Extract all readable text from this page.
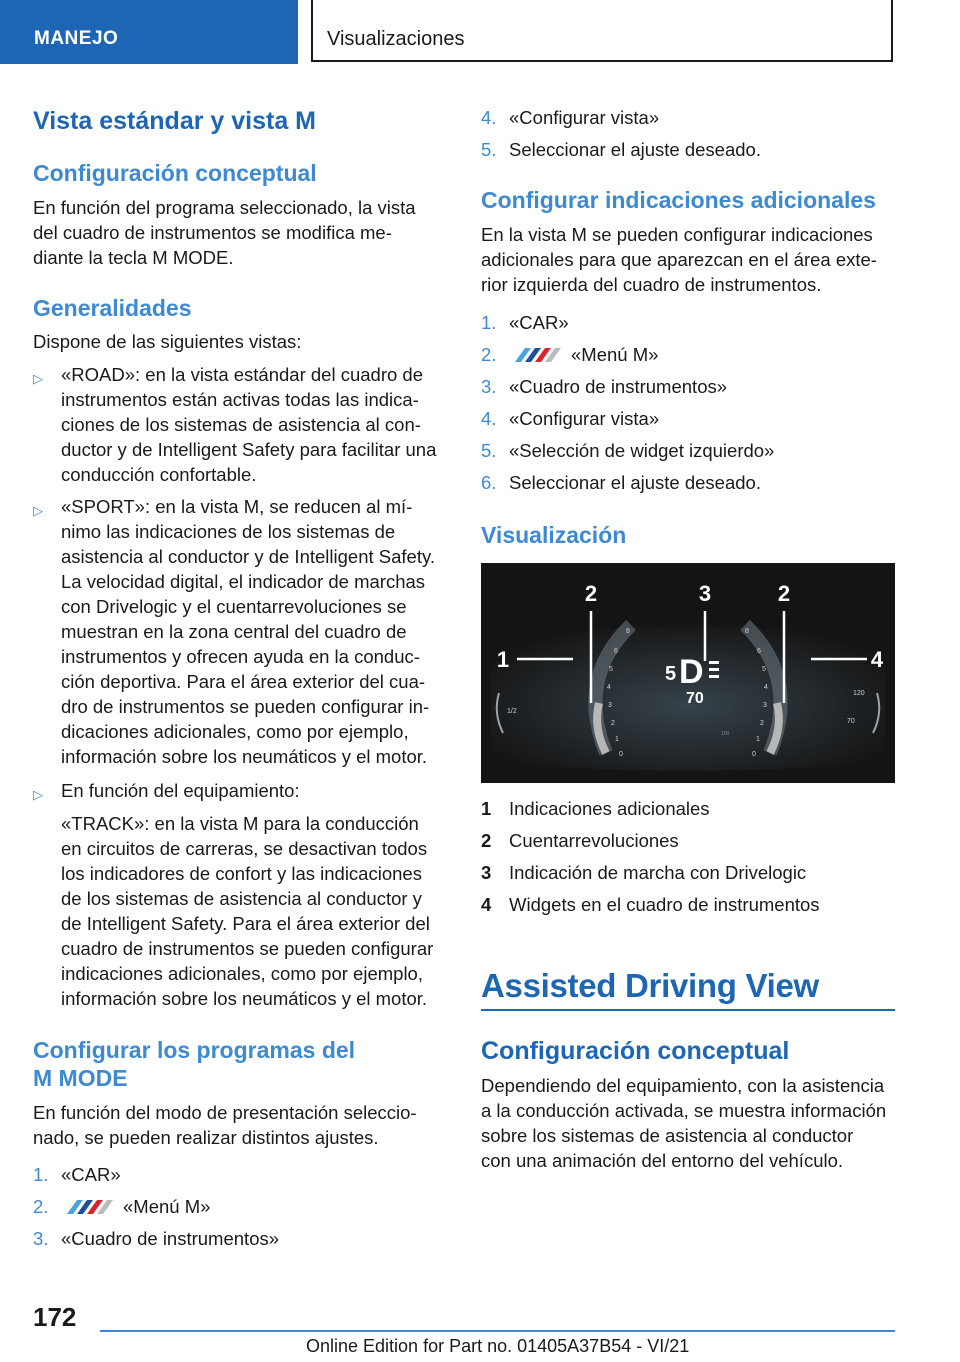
MANEJO	Visualizaciones
Vista estándar y vista M
Configuración conceptual

En función del programa seleccionado, la vista

del cuadro de instrumentos se modifica me-

diante la tecla M MODE.

Generalidades

Dispone de las siguientes vistas:

▷ «ROAD»: en la vista estándar del cuadro de

instrumentos están activas todas las indica-

ciones de los sistemas de asistencia al con-

ductor y de Intelligent Safety para facilitar una

conducción confortable.

▷ «SPORT»: en la vista M, se reducen al mí-

nimo las indicaciones de los sistemas de

asistencia al conductor y de Intelligent Safety.

La velocidad digital, el indicador de marchas

con Drivelogic y el cuentarrevoluciones se

muestran en la zona central del cuadro de

instrumentos y ofrecen ayuda en la conduc-

ción deportiva. Para el área exterior del cua-

dro de instrumentos se pueden configurar in-

dicaciones adicionales, como por ejemplo,

información sobre los neumáticos y el motor.

▷ En función del equipamiento:

«TRACK»: en la vista M para la conducción

en circuitos de carreras, se desactivan todos

los indicadores de confort y las indicaciones

de los sistemas de asistencia al conductor y

de Intelligent Safety. Para el área exterior del

cuadro de instrumentos se pueden configurar

indicaciones adicionales, como por ejemplo,

información sobre los neumáticos y el motor.

Configurar los programas del
M MODE

En función del modo de presentación seleccio-

nado, se pueden realizar distintos ajustes.

1. «CAR»
2.	«Menú M»
3. «Cuadro de instrumentos»
4. «Configurar vista»
5. Seleccionar el ajuste deseado.
Configurar indicaciones adicionales

En la vista M se pueden configurar indicaciones

adicionales para que aparezcan en el área exte-

rior izquierda del cuadro de instrumentos.

1. «CAR»
2.	«Menú M»
3. «Cuadro de instrumentos»
4. «Configurar vista»
5. «Selección de widget izquierdo»
6. Seleccionar el ajuste deseado.
Visualización
2	3	2
1	4
5 D
70
8
6
5
4
3
2
1
0
8
6
5
4
3
2
1
0
1/2
120
70
100
1 Indicaciones adicionales
2 Cuentarrevoluciones
3 Indicación de marcha con Drivelogic
4 Widgets en el cuadro de instrumentos
Assisted Driving View
Configuración conceptual

Dependiendo del equipamiento, con la asistencia

a la conducción activada, se muestra información

sobre los sistemas de asistencia al conductor

con una animación del entorno del vehículo.

172
Online Edition for Part no. 01405A37B54 - VI/21
